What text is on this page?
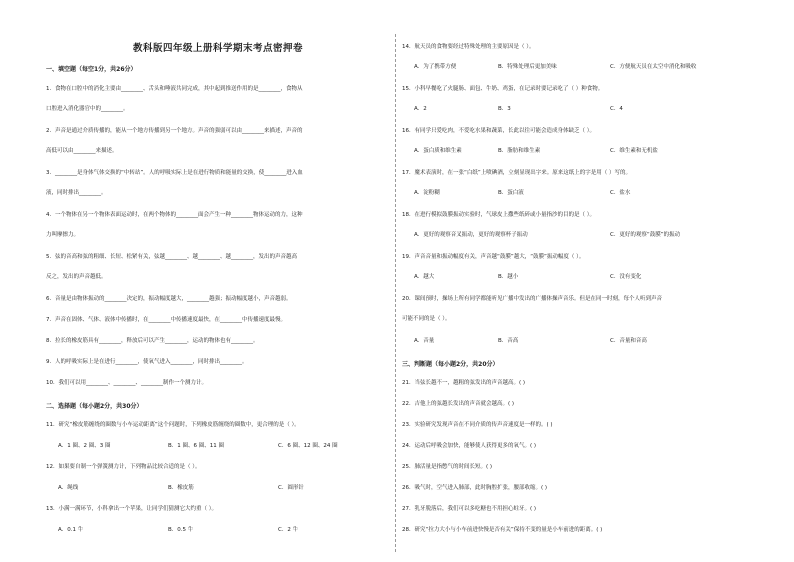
教科版四年级上册科学期末考点密押卷
一、填空题（每空1分，共26分）
1．食物在口腔中的消化主要由________、舌头和唾液共同完成，其中起到推送作用的是________，食物从
口腔进入消化器官中的________。
2．声音是通过介质传播的，能从一个地方传播到另一个地方。声音的强弱可以由________来描述，声音的
高低可以由________来描述。
3．________是身体气体交换的“中转站”。人的呼吸实际上是在进行物质和能量的交换，使________进入血
液，同时排出________。
4．一个物体在另一个物体表面运动时，在两个物体的________面会产生一种________物体运动的力，这种
力叫摩擦力。
5．弦的音高和弦的粗细、长短、松紧有关，弦越________、越________、越________，发出的声音越高
反之，发出的声音越低。
6．音量是由物体振动的________决定的，振动幅度越大，________越强；振动幅度越小，声音越弱。
7．声音在固体、气体、液体中传播时，在________中传播速度最快，在________中传播速度最慢。
8．拉长的橡皮筋具有________，释放后可以产生________，运动的物体也有________。
9．人的呼吸实际上是在进行________，使氧气进入________，同时排出________。
10．我们可以用________、________、________制作一个测力计。
二、选择题（每小题2分，共30分）
11．研究“橡皮筋缠绕的圈数与小车运动距离”这个问题时，下列橡皮筋缠绕的圈数中，更合理的是（ ）。
A．1 圈、2 圈、3 圈	B．1 圈、6 圈、11 圈	C．6 圈、12 圈、24 圈
12．如果要自制一个弹簧测力计，下列物品比较合适的是（ ）。
A．绳线	B．橡皮筋	C．圆形针
13．小满一满环节，小科拿出一个苹果，让同学们猜测它大约重（ ）。
A．0.1 牛	B．0.5 牛	C．2 牛
14．航天员的食物要经过特殊处理的主要原因是（ ）。
A．为了携带方便	B．特殊处理后更加美味	C．方便航天员在太空中消化和吸收
15．小科早餐吃了火腿肠、面包、牛奶、鸡蛋，在记录时要记录吃了（ ）种食物。
A．2	B．3	C．4
16．有同学只爱吃肉，不爱吃水果和蔬菜，长此以往可能会造成身体缺乏（ ）。
A．蛋白质和维生素	B．脂肪和维生素	C．维生素和无机盐
17．魔术表演时，在一张“白纸”上喷碘酒，立刻显现出字来。原来这纸上的字是用（ ）写的。
A．淀粉糊	B．蛋白液	C．盐水
18．在进行模拟鼓膜振动实验时，气球皮上撒些纸碎或小量指沙的目的是（ ）。
A．更好的观察音叉振动，更好的观察杯子振动	C．更好的观察“鼓膜”的振动
19．声音音量和振动幅度有关，声音越“鼓膜”越大，“鼓膜”振动幅度（ ）。
A．越大	B．越小	C．没有变化
20．课间预时，操场上所有同学都能听见广播中发出的广播体操声音乐。但是在同一时刻，每个人听到声音
可能不同的是（ ）。
A．音量	B．音高	C．音量和音高
三、判断题（每小题2分，共20分）
21．当弦长越不一，越粗的弦发出的声音越高。( )
22．吉他上的弦越长发出的声音就会越高。( )
23．实验研究发现声音在不同介质的传声音速度是一样的。( )
24．运动后呼吸会加快，能够使人获得更多的氧气。( )
25．肺活量是指憋气的时间长短。( )
26．吸气时，空气进入肺部，此时胸腔扩张，腰部收缩。( )
27．乳牙脱落后，我们可以多吃糖也不用担心蛀牙。( )
28．研究“拉力大小与小车前进快慢是否有关”保持不变的量是小车前进的距离。( )
